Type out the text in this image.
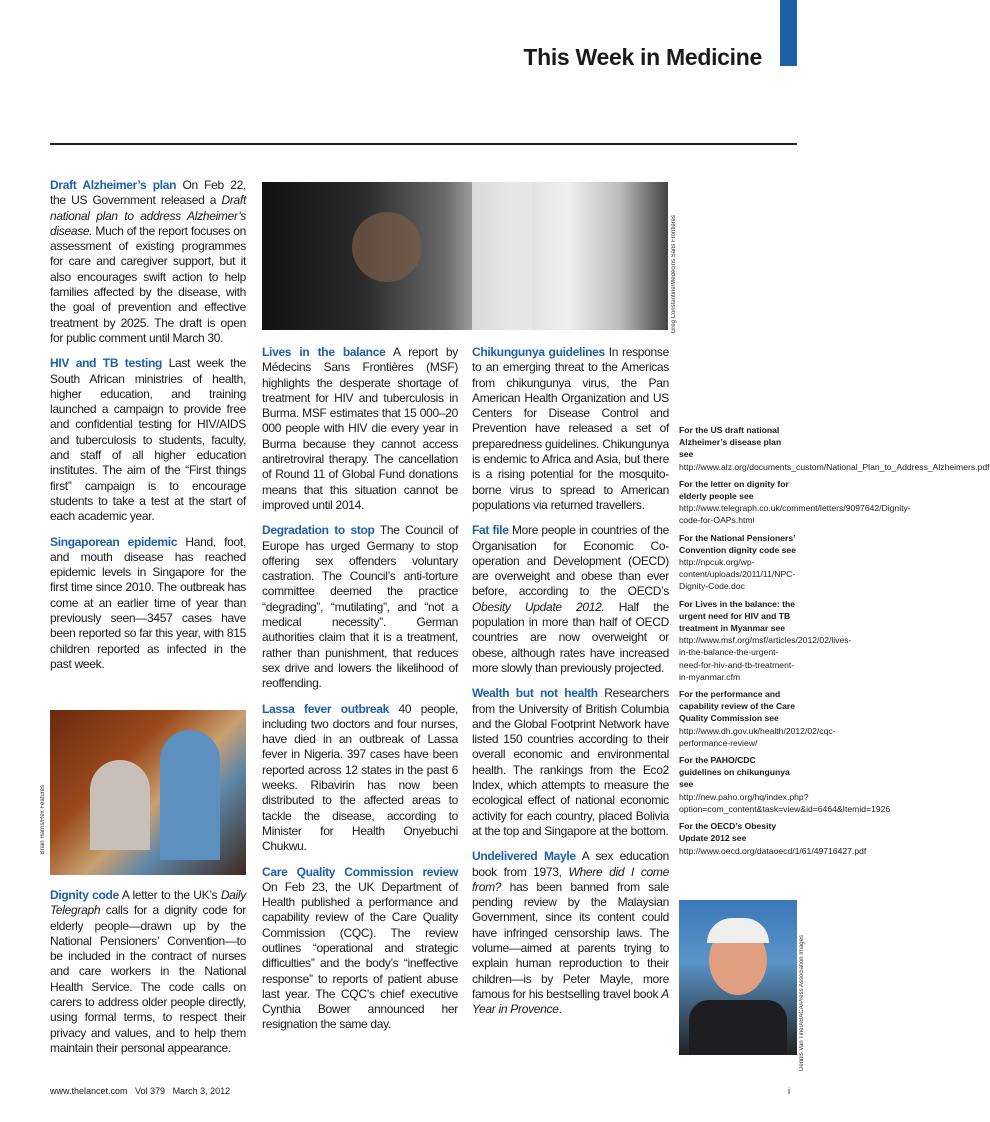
This Week in Medicine
Greg Constantine/Médecins Sans Frontières
Brian Harris/Rex Features
Dennis Van Tine/ABACA/Press Association Images

Draft Alzheimer’s plan On Feb 22, the US Government released a Draft national plan to address Alzheimer’s disease. Much of the report focuses on assessment of existing programmes for care and caregiver support, but it also encourages swift action to help families affected by the disease, with the goal of prevention and effective treatment by 2025. The draft is open for public comment until March 30.

HIV and TB testing Last week the South African ministries of health, higher education, and training launched a campaign to provide free and confidential testing for HIV/AIDS and tuberculosis to students, faculty, and staff of all higher education institutes. The aim of the “First things first” campaign is to encourage students to take a test at the start of each academic year.

Singaporean epidemic Hand, foot, and mouth disease has reached epidemic levels in Singapore for the first time since 2010. The outbreak has come at an earlier time of year than previously seen—3457 cases have been reported so far this year, with 815 children reported as infected in the past week.

Dignity code A letter to the UK’s Daily Telegraph calls for a dignity code for elderly people—drawn up by the National Pensioners’ Convention—to be included in the contract of nurses and care workers in the National Health Service. The code calls on carers to address older people directly, using formal terms, to respect their privacy and values, and to help them maintain their personal appearance.

Lives in the balance A report by Médecins Sans Frontières (MSF) highlights the desperate shortage of treatment for HIV and tuberculosis in Burma. MSF estimates that 15 000–20 000 people with HIV die every year in Burma because they cannot access antiretroviral therapy. The cancellation of Round 11 of Global Fund donations means that this situation cannot be improved until 2014.

Degradation to stop The Council of Europe has urged Germany to stop offering sex offenders voluntary castration. The Council’s anti-torture committee deemed the practice “degrading”, “mutilating”, and “not a medical necessity”. German authorities claim that it is a treatment, rather than punishment, that reduces sex drive and lowers the likelihood of reoffending.

Lassa fever outbreak 40 people, including two doctors and four nurses, have died in an outbreak of Lassa fever in Nigeria. 397 cases have been reported across 12 states in the past 6 weeks. Ribavirin has now been distributed to the affected areas to tackle the disease, according to Minister for Health Onyebuchi Chukwu.

Care Quality Commission review On Feb 23, the UK Department of Health published a performance and capability review of the Care Quality Commission (CQC). The review outlines “operational and strategic difficulties” and the body’s “ineffective response” to reports of patient abuse last year. The CQC’s chief executive Cynthia Bower announced her resignation the same day.

Chikungunya guidelines In response to an emerging threat to the Americas from chikungunya virus, the Pan American Health Organization and US Centers for Disease Control and Prevention have released a set of preparedness guidelines. Chikungunya is endemic to Africa and Asia, but there is a rising potential for the mosquito-borne virus to spread to American populations via returned travellers.

Fat file More people in countries of the Organisation for Economic Co-operation and Development (OECD) are overweight and obese than ever before, according to the OECD’s Obesity Update 2012. Half the population in more than half of OECD countries are now overweight or obese, although rates have increased more slowly than previously projected.

Wealth but not health Researchers from the University of British Columbia and the Global Footprint Network have listed 150 countries according to their overall economic and environmental health. The rankings from the Eco2 Index, which attempts to measure the ecological effect of national economic activity for each country, placed Bolivia at the top and Singapore at the bottom.

Undelivered Mayle A sex education book from 1973, Where did I come from? has been banned from sale pending review by the Malaysian Government, since its content could have infringed censorship laws. The volume—aimed at parents trying to explain human reproduction to their children—is by Peter Mayle, more famous for his bestselling travel book A Year in Provence.

For the US draft national Alzheimer’s disease plan see http://www.alz.org/documents_custom/National_Plan_to_Address_Alzheimers.pdf

For the letter on dignity for elderly people see http://www.telegraph.co.uk/comment/letters/9097642/Dignity-code-for-OAPs.html

For the National Pensioners’ Convention dignity code see http://npcuk.org/wp-content/uploads/2011/11/NPC-Dignity-Code.doc

For Lives in the balance: the urgent need for HIV and TB treatment in Myanmar see http://www.msf.org/msf/articles/2012/02/lives-in-the-balance-the-urgent-need-for-hiv-and-tb-treatment-in-myanmar.cfm

For the performance and capability review of the Care Quality Commission see http://www.dh.gov.uk/health/2012/02/cqc-performance-review/

For the PAHO/CDC guidelines on chikungunya see http://new.paho.org/hq/index.php?option=com_content&task=view&id=6464&Itemid=1926

For the OECD’s Obesity Update 2012 see http://www.oecd.org/dataoecd/1/61/49716427.pdf

www.thelancet.com   Vol 379   March 3, 2012	i
